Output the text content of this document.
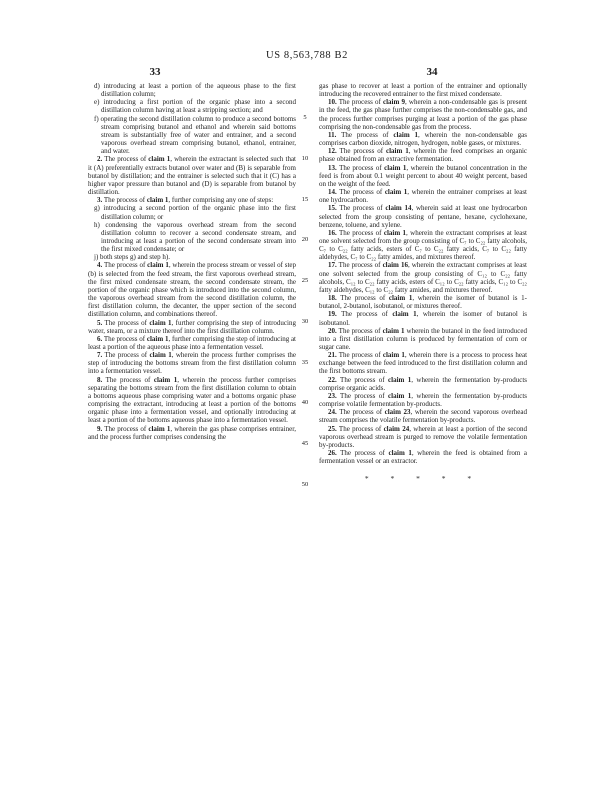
US 8,563,788 B2
33	34
5
10
15
20
25
30
35
40
45
50

d) introducing at least a portion of the aqueous phase to the first distillation column;

e) introducing a first portion of the organic phase into a second distillation column having at least a stripping section; and

f) operating the second distillation column to produce a second bottoms stream comprising butanol and ethanol and wherein said bottoms stream is substantially free of water and entrainer, and a second vaporous overhead stream comprising butanol, ethanol, entrainer, and water.

2. The process of claim 1, wherein the extractant is selected such that it (A) preferentially extracts butanol over water and (B) is separable from butanol by distillation; and the entrainer is selected such that it (C) has a higher vapor pressure than butanol and (D) is separable from butanol by distillation.

3. The process of claim 1, further comprising any one of steps:

g) introducing a second portion of the organic phase into the first distillation column; or

h) condensing the vaporous overhead stream from the second distillation column to recover a second condensate stream, and introducing at least a portion of the second condensate stream into the first mixed condensate; or

j) both steps g) and step h).

4. The process of claim 1, wherein the process stream or vessel of step (b) is selected from the feed stream, the first vaporous overhead stream, the first mixed condensate stream, the second condensate stream, the portion of the organic phase which is introduced into the second column, the vaporous overhead stream from the second distillation column, the first distillation column, the decanter, the upper section of the second distillation column, and combinations thereof.

5. The process of claim 1, further comprising the step of introducing water, steam, or a mixture thereof into the first distillation column.

6. The process of claim 1, further comprising the step of introducing at least a portion of the aqueous phase into a fermentation vessel.

7. The process of claim 1, wherein the process further comprises the step of introducing the bottoms stream from the first distillation column into a fermentation vessel.

8. The process of claim 1, wherein the process further comprises separating the bottoms stream from the first distillation column to obtain a bottoms aqueous phase comprising water and a bottoms organic phase comprising the extractant, introducing at least a portion of the bottoms organic phase into a fermentation vessel, and optionally introducing at least a portion of the bottoms aqueous phase into a fermentation vessel.

9. The process of claim 1, wherein the gas phase comprises entrainer, and the process further comprises condensing the

gas phase to recover at least a portion of the entrainer and optionally introducing the recovered entrainer to the first mixed condensate.

10. The process of claim 9, wherein a non-condensable gas is present in the feed, the gas phase further comprises the non-condensable gas, and the process further comprises purging at least a portion of the gas phase comprising the non-condensable gas from the process.

11. The process of claim 1, wherein the non-condensable gas comprises carbon dioxide, nitrogen, hydrogen, noble gases, or mixtures.

12. The process of claim 1, wherein the feed comprises an organic phase obtained from an extractive fermentation.

13. The process of claim 1, wherein the butanol concentration in the feed is from about 0.1 weight percent to about 40 weight percent, based on the weight of the feed.

14. The process of claim 1, wherein the entrainer comprises at least one hydrocarbon.

15. The process of claim 14, wherein said at least one hydrocarbon selected from the group consisting of pentane, hexane, cyclohexane, benzene, toluene, and xylene.

16. The process of claim 1, wherein the extractant comprises at least one solvent selected from the group consisting of C₇ to C₂₂ fatty alcohols, C₇ to C₂₂ fatty acids, esters of C₇ to C₂₂ fatty acids, C₇ to C₂₂ fatty aldehydes, C₇ to C₂₂ fatty amides, and mixtures thereof.

17. The process of claim 16, wherein the extractant comprises at least one solvent selected from the group consisting of C₁₂ to C₂₂ fatty alcohols, C₁₂ to C₂₂ fatty acids, esters of C₁₂ to C₂₂ fatty acids, C₁₂ to C₂₂ fatty aldehydes, C₁₂ to C₂₂ fatty amides, and mixtures thereof.

18. The process of claim 1, wherein the isomer of butanol is 1-butanol, 2-butanol, isobutanol, or mixtures thereof.

19. The process of claim 1, wherein the isomer of butanol is isobutanol.

20. The process of claim 1 wherein the butanol in the feed introduced into a first distillation column is produced by fermentation of corn or sugar cane.

21. The process of claim 1, wherein there is a process to process heat exchange between the feed introduced to the first distillation column and the first bottoms stream.

22. The process of claim 1, wherein the fermentation by-products comprise organic acids.

23. The process of claim 1, wherein the fermentation by-products comprise volatile fermentation by-products.

24. The process of claim 23, wherein the second vaporous overhead stream comprises the volatile fermentation by-products.

25. The process of claim 24, wherein at least a portion of the second vaporous overhead stream is purged to remove the volatile fermentation by-products.

26. The process of claim 1, wherein the feed is obtained from a fermentation vessel or an extractor.

* * * * *
